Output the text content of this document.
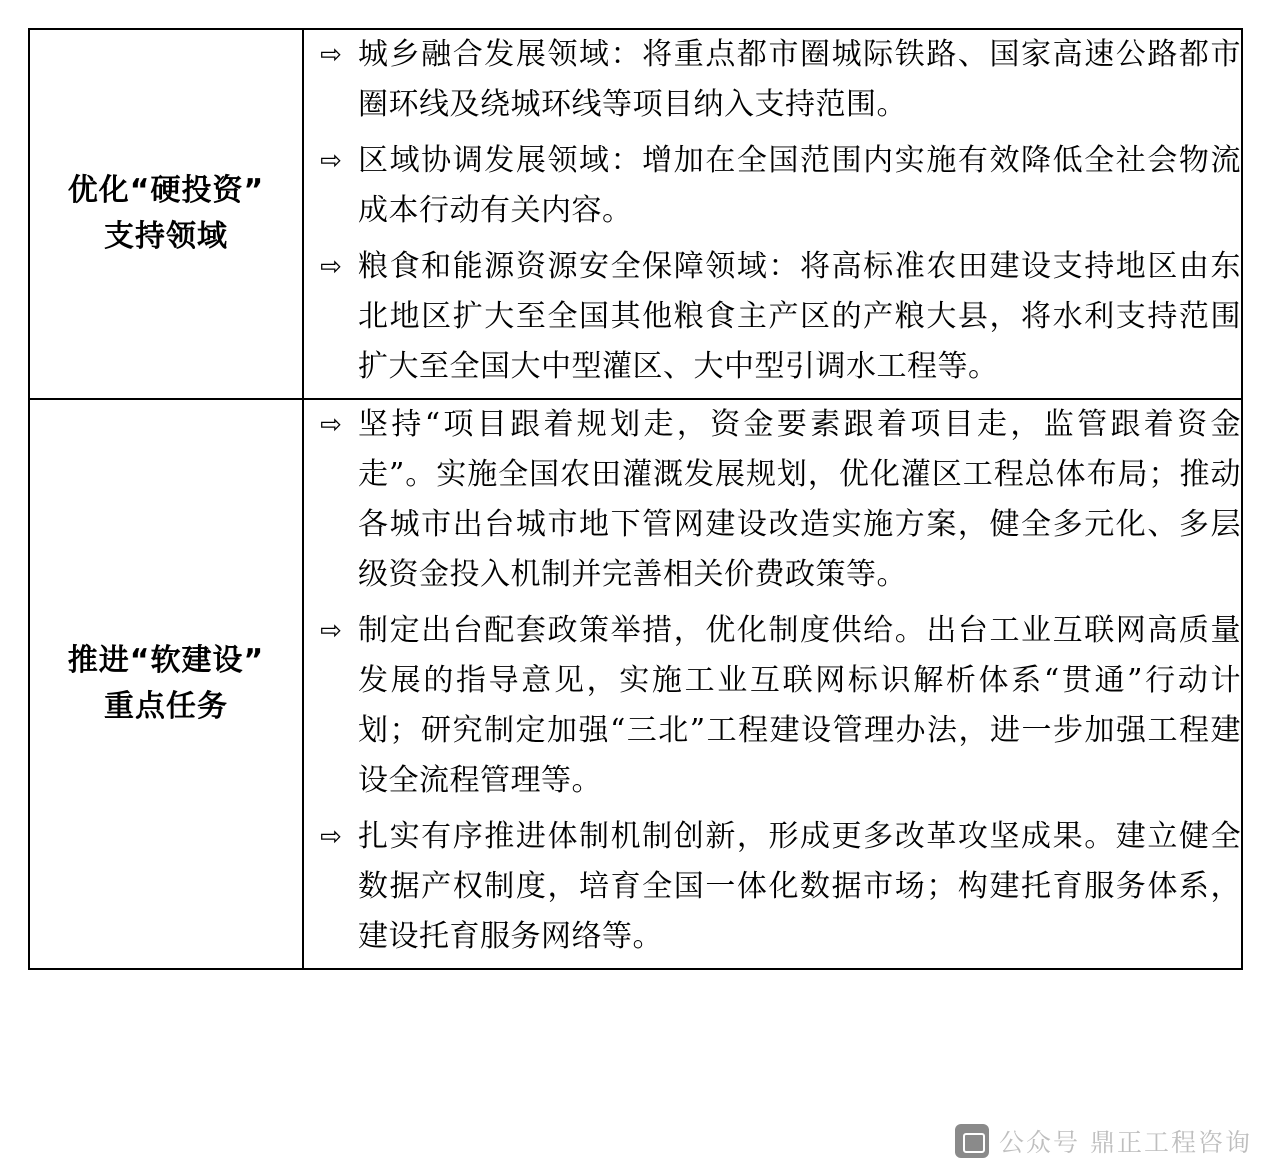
优化“硬投资”
支持领域

⇨ 城乡融合发展领域：将重点都市圈城际铁路、国家高速公路都市圈环线及绕城环线等项目纳入支持范围。
⇨ 区域协调发展领域：增加在全国范围内实施有效降低全社会物流成本行动有关内容。
⇨ 粮食和能源资源安全保障领域：将高标准农田建设支持地区由东北地区扩大至全国其他粮食主产区的产粮大县，将水利支持范围扩大至全国大中型灌区、大中型引调水工程等。

推进“软建设”
重点任务

⇨ 坚持“项目跟着规划走，资金要素跟着项目走，监管跟着资金走”。实施全国农田灌溉发展规划，优化灌区工程总体布局；推动各城市出台城市地下管网建设改造实施方案，健全多元化、多层级资金投入机制并完善相关价费政策等。
⇨ 制定出台配套政策举措，优化制度供给。出台工业互联网高质量发展的指导意见，实施工业互联网标识解析体系“贯通”行动计划；研究制定加强“三北”工程建设管理办法，进一步加强工程建设全流程管理等。
⇨ 扎实有序推进体制机制创新，形成更多改革攻坚成果。建立健全数据产权制度，培育全国一体化数据市场；构建托育服务体系，建设托育服务网络等。
公众号 鼎正工程咨询
